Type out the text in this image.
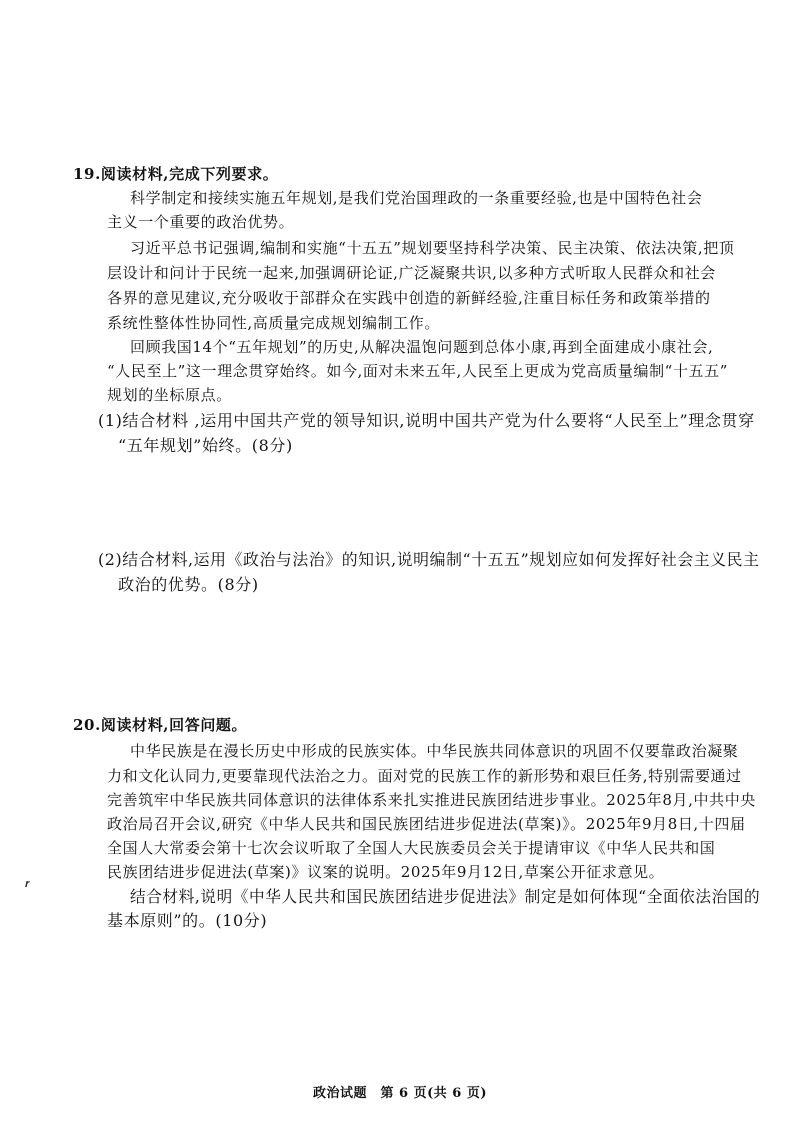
19.阅读材料,完成下列要求。
科学制定和接续实施五年规划,是我们党治国理政的一条重要经验,也是中国特色社会
主义一个重要的政治优势。
习近平总书记强调,编制和实施“十五五”规划要坚持科学决策、民主决策、依法决策,把顶
层设计和问计于民统一起来,加强调研论证,广泛凝聚共识,以多种方式听取人民群众和社会
各界的意见建议,充分吸收于部群众在实践中创造的新鲜经验,注重目标任务和政策举措的
系统性整体性协同性,高质量完成规划编制工作。
回顾我国14个“五年规划”的历史,从解决温饱问题到总体小康,再到全面建成小康社会,
“人民至上”这一理念贯穿始终。如今,面对未来五年,人民至上更成为党高质量编制“十五五”
规划的坐标原点。
(1)结合材料 ,运用中国共产党的领导知识,说明中国共产党为什么要将“人民至上”理念贯穿
“五年规划”始终。(8分)
(2)结合材料,运用《政治与法治》的知识,说明编制“十五五”规划应如何发挥好社会主义民主
政治的优势。(8分)
20.阅读材料,回答问题。
中华民族是在漫长历史中形成的民族实体。中华民族共同体意识的巩固不仅要靠政治凝聚
力和文化认同力,更要靠现代法治之力。面对党的民族工作的新形势和艰巨任务,特别需要通过
完善筑牢中华民族共同体意识的法律体系来扎实推进民族团结进步事业。2025年8月,中共中央
政治局召开会议,研究《中华人民共和国民族团结进步促进法(草案)》。2025年9月8日,十四届
全国人大常委会第十七次会议听取了全国人大民族委员会关于提请审议《中华人民共和国
民族团结进步促进法(草案)》议案的说明。2025年9月12日,草案公开征求意见。
结合材料,说明《中华人民共和国民族团结进步促进法》制定是如何体现“全面依法治国的
基本原则”的。(10分)
𝒓
政治试题　第 6 页(共 6 页)
